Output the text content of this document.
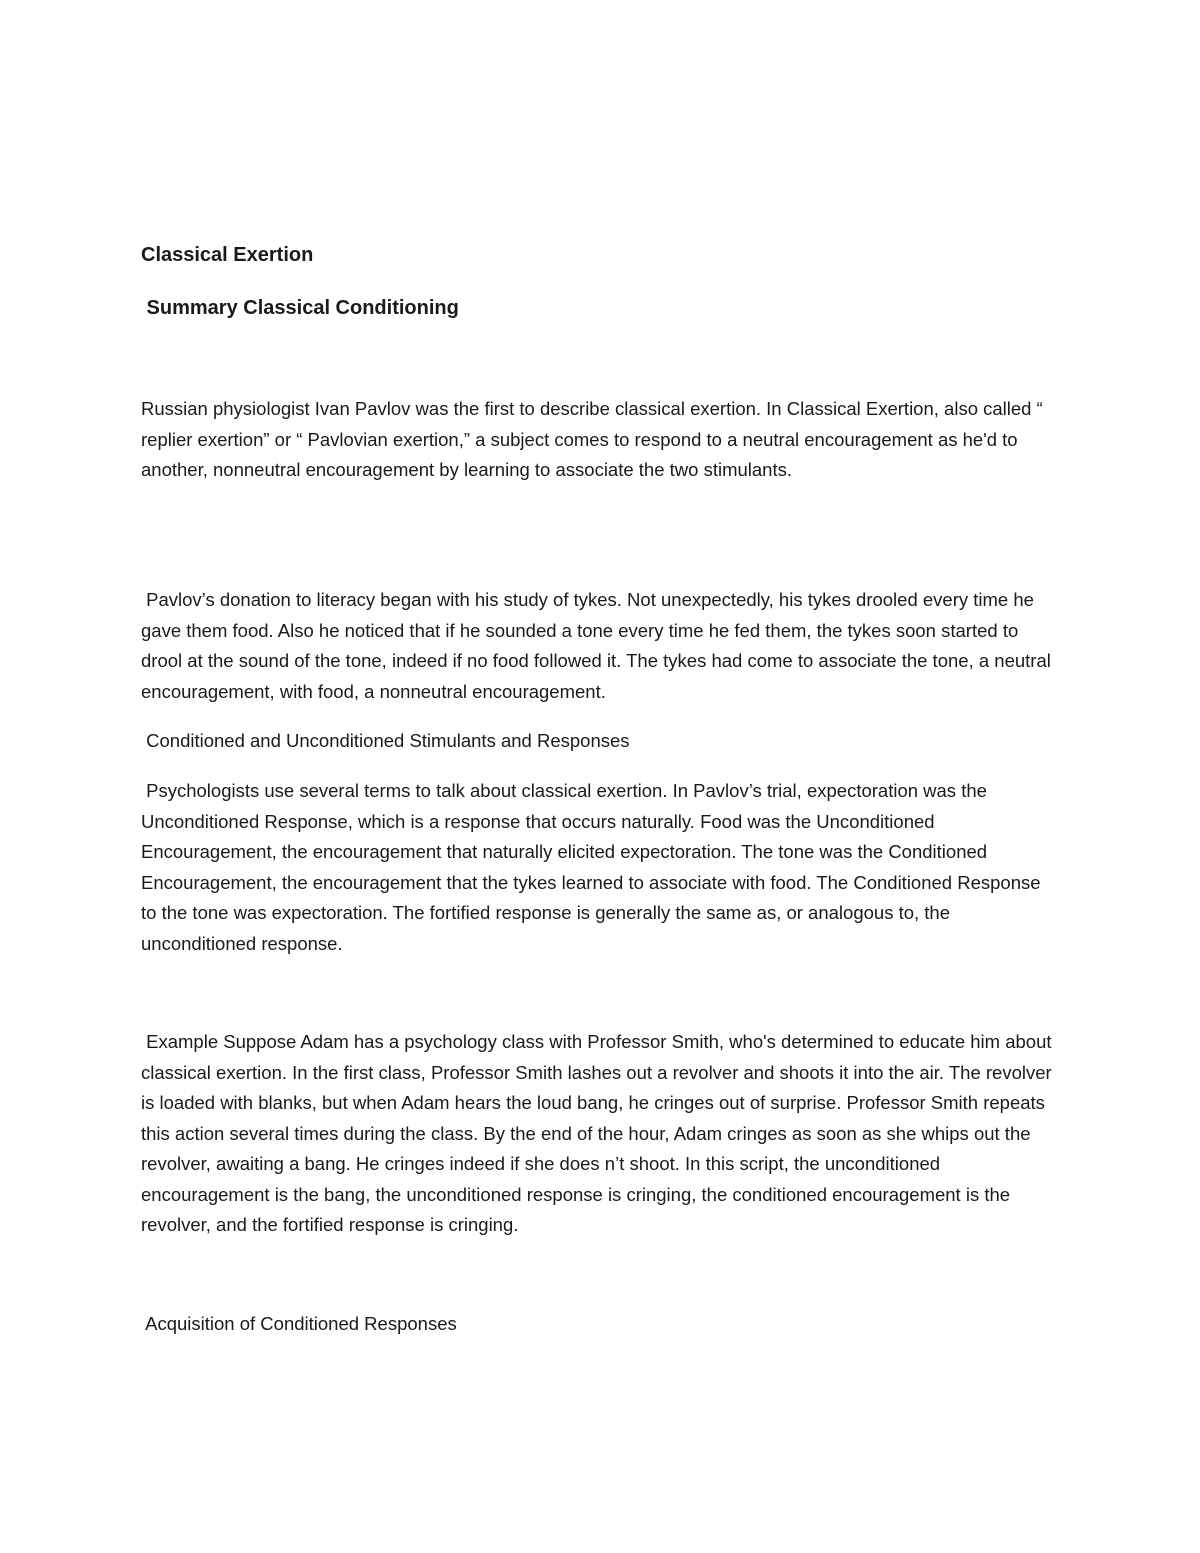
Classical Exertion
Summary Classical Conditioning

Russian physiologist Ivan Pavlov was the first to describe classical exertion. In Classical Exertion, also called “ replier exertion” or “ Pavlovian exertion,” a subject comes to respond to a neutral encouragement as he'd to another, nonneutral encouragement by learning to associate the two stimulants.

Pavlov’s donation to literacy began with his study of tykes. Not unexpectedly, his tykes drooled every time he gave them food. Also he noticed that if he sounded a tone every time he fed them, the tykes soon started to drool at the sound of the tone, indeed if no food followed it. The tykes had come to associate the tone, a neutral encouragement, with food, a nonneutral encouragement.

Conditioned and Unconditioned Stimulants and Responses

Psychologists use several terms to talk about classical exertion. In Pavlov’s trial, expectoration was the Unconditioned Response, which is a response that occurs naturally. Food was the Unconditioned Encouragement, the encouragement that naturally elicited expectoration. The tone was the Conditioned Encouragement, the encouragement that the tykes learned to associate with food. The Conditioned Response to the tone was expectoration. The fortified response is generally the same as, or analogous to, the unconditioned response.

Example Suppose Adam has a psychology class with Professor Smith, who's determined to educate him about classical exertion. In the first class, Professor Smith lashes out a revolver and shoots it into the air. The revolver is loaded with blanks, but when Adam hears the loud bang, he cringes out of surprise. Professor Smith repeats this action several times during the class. By the end of the hour, Adam cringes as soon as she whips out the revolver, awaiting a bang. He cringes indeed if she does n’t shoot. In this script, the unconditioned encouragement is the bang, the unconditioned response is cringing, the conditioned encouragement is the revolver, and the fortified response is cringing.

Acquisition of Conditioned Responses
